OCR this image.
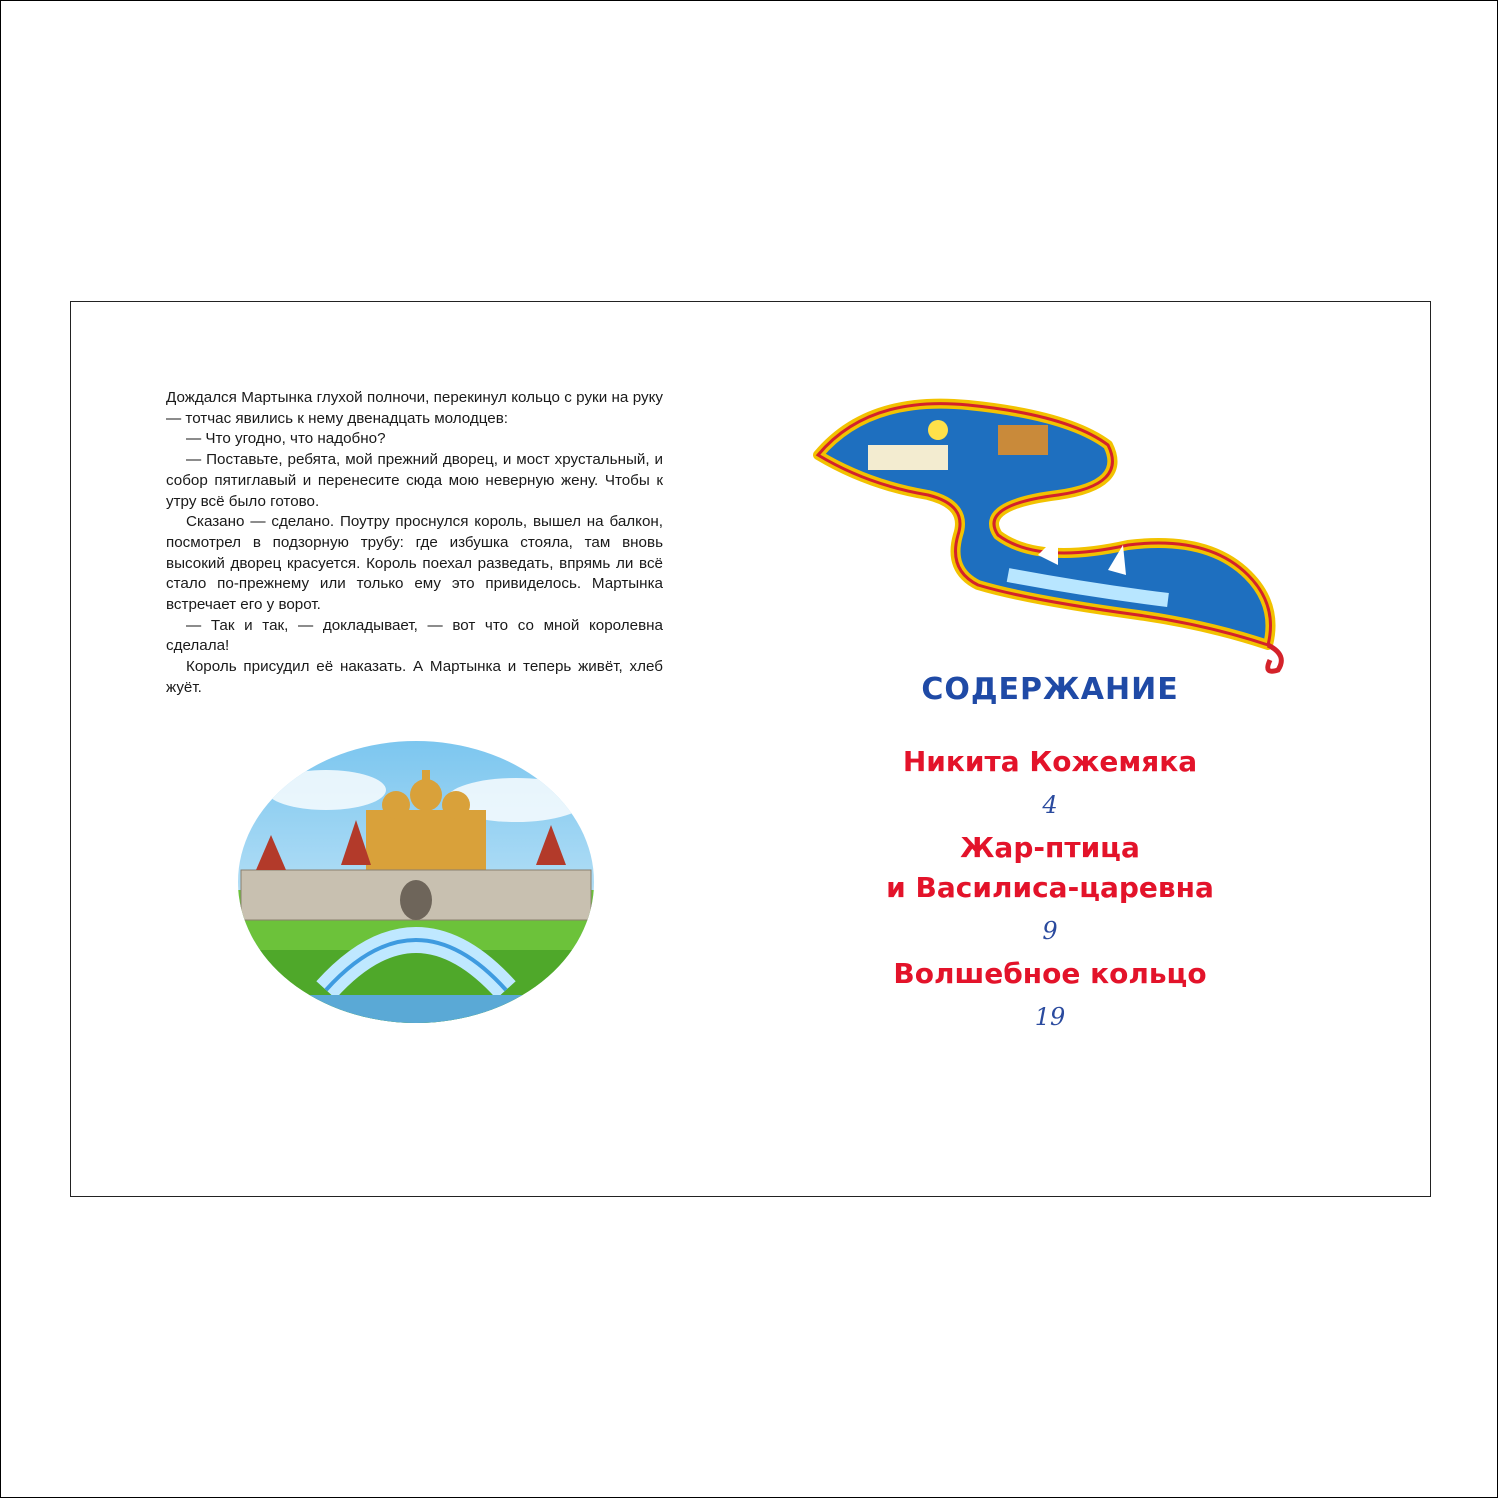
Дождался Мартынка глухой полночи, перекинул кольцо с руки на руку — тотчас явились к нему двенадцать молодцев:

— Что угодно, что надобно?

— Поставьте, ребята, мой прежний дворец, и мост хрустальный, и собор пятиглавый и перенесите сюда мою неверную жену. Чтобы к утру всё было готово.

Сказано — сделано. Поутру проснулся король, вышел на балкон, посмотрел в подзорную трубу: где избушка стояла, там вновь высокий дворец красуется. Король поехал разведать, впрямь ли всё стало по-прежнему или только ему это привиделось. Мартынка встречает его у ворот.

— Так и так, — докладывает, — вот что со мной королевна сделала!

Король присудил её наказать. А Мартынка и теперь живёт, хлеб жуёт.	СОДЕРЖАНИЕ
Никита Кожемяка
4
Жар-птица
и Василиса-царевна
9
Волшебное кольцо
19
